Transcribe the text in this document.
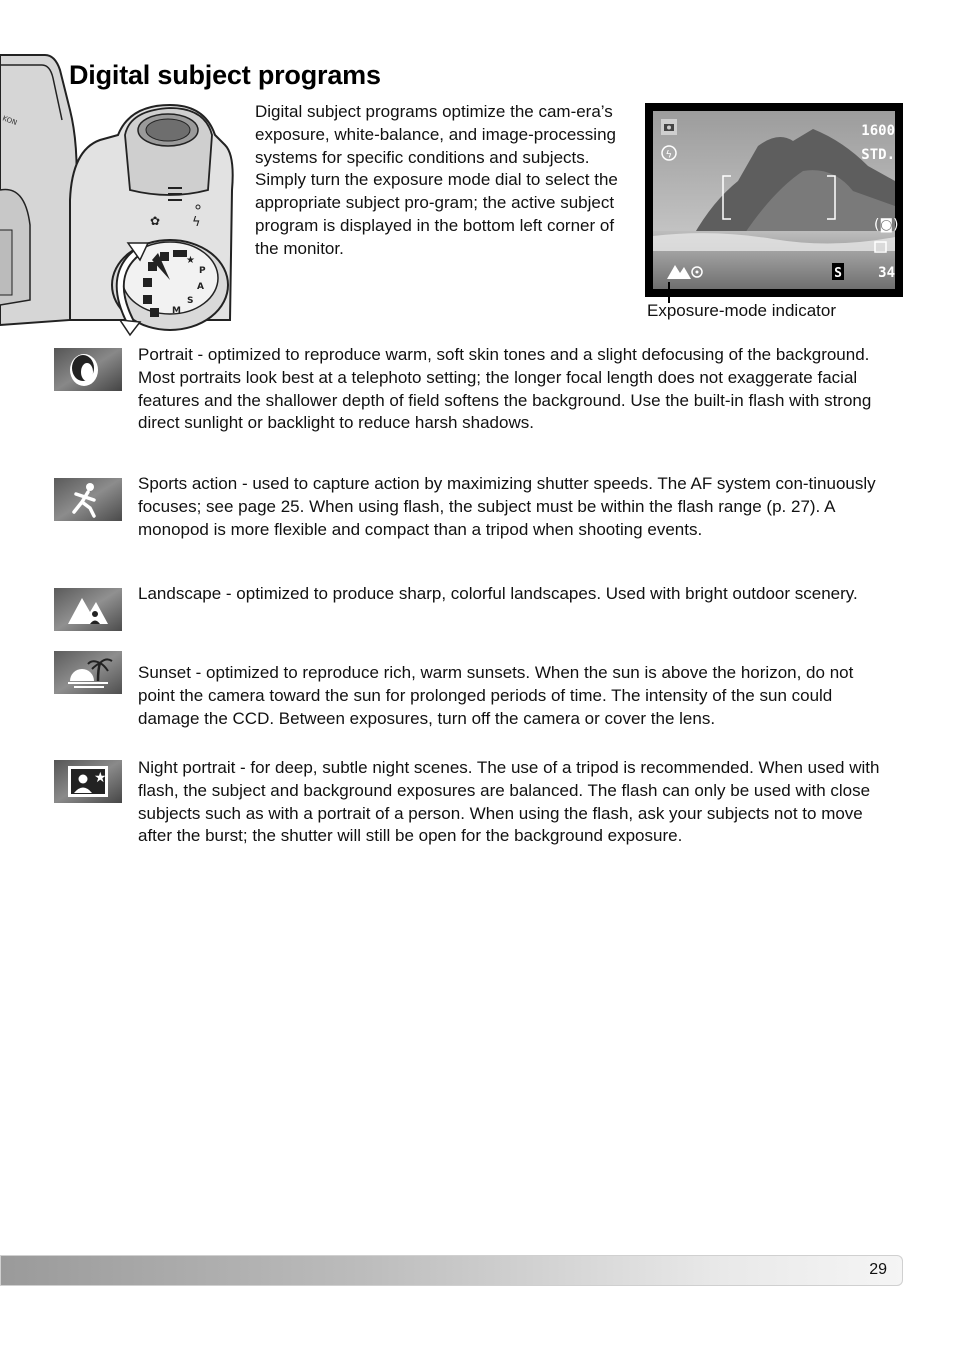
Digital subject programs
KON
✿ ϟ
P
A
S
M
★

Digital subject programs optimize the cam-era’s exposure, white-balance, and image-processing systems for specific conditions and subjects. Simply turn the exposure mode dial to select the appropriate subject pro-gram; the active subject program is displayed in the bottom left corner of the monitor.

ϟ
1600
STD.
(◙)
S	34
Exposure-mode indicator

Portrait - optimized to reproduce warm, soft skin tones and a slight defocusing of the background. Most portraits look best at a telephoto setting; the longer focal length does not exaggerate facial features and the shallower depth of field softens the background. Use the built-in flash with strong direct sunlight or backlight to reduce harsh shadows.

Sports action - used to capture action by maximizing shutter speeds. The AF system con-tinuously focuses; see page 25. When using flash, the subject must be within the flash range (p. 27). A monopod is more flexible and compact than a tripod when shooting events.

Landscape - optimized to produce sharp, colorful landscapes. Used with bright outdoor scenery.

Sunset - optimized to reproduce rich, warm sunsets. When the sun is above the horizon, do not point the camera toward the sun for prolonged periods of time. The intensity of the sun could damage the CCD. Between exposures, turn off the camera or cover the lens.

★

Night portrait - for deep, subtle night scenes. The use of a tripod is recommended. When used with flash, the subject and background exposures are balanced. The flash can only be used with close subjects such as with a portrait of a person. When using the flash, ask your subjects not to move after the burst; the shutter will still be open for the background exposure.

29
